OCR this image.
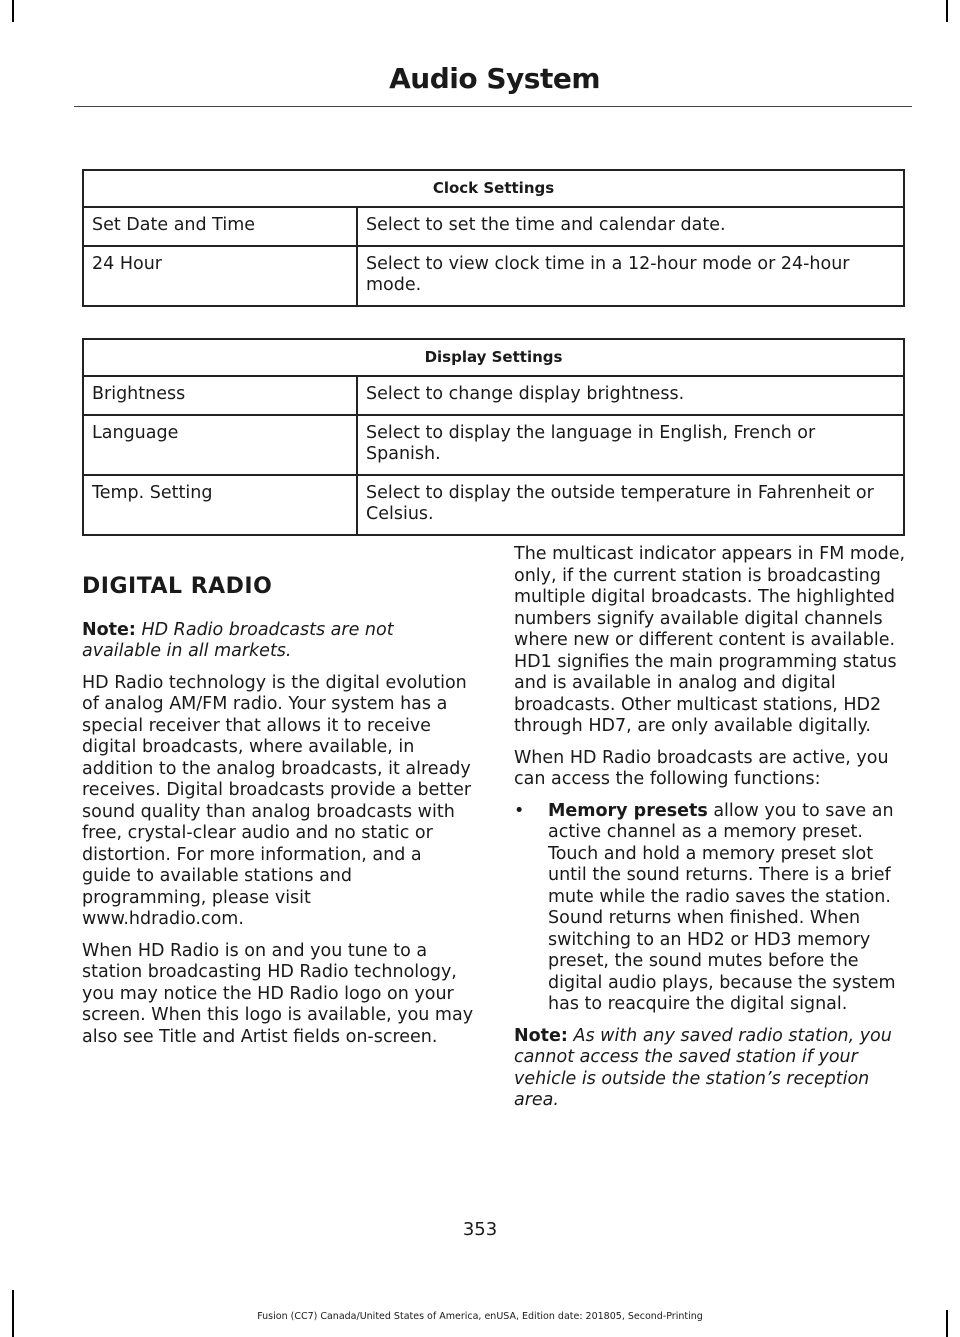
Audio System
Clock Settings	
Set Date and Time	Select to set the time and calendar date.
24 Hour	Select to view clock time in a 12-hour mode or 24-hour mode.
Display Settings	
Brightness	Select to change display brightness.
Language	Select to display the language in English, French or Spanish.
Temp. Setting	Select to display the outside temperature in Fahrenheit or Celsius.
DIGITAL RADIO

Note: HD Radio broadcasts are not available in all markets.

HD Radio technology is the digital evolution of analog AM/FM radio. Your system has a special receiver that allows it to receive digital broadcasts, where available, in addition to the analog broadcasts, it already receives. Digital broadcasts provide a better sound quality than analog broadcasts with free, crystal-clear audio and no static or distortion. For more information, and a guide to available stations and programming, please visit www.hdradio.com.

When HD Radio is on and you tune to a station broadcasting HD Radio technology, you may notice the HD Radio logo on your screen. When this logo is available, you may also see Title and Artist fields on-screen.

The multicast indicator appears in FM mode, only, if the current station is broadcasting multiple digital broadcasts. The highlighted numbers signify available digital channels where new or different content is available. HD1 signifies the main programming status and is available in analog and digital broadcasts. Other multicast stations, HD2 through HD7, are only available digitally.

When HD Radio broadcasts are active, you can access the following functions:

•	Memory presets allow you to save an active channel as a memory preset. Touch and hold a memory preset slot until the sound returns. There is a brief mute while the radio saves the station. Sound returns when finished. When switching to an HD2 or HD3 memory preset, the sound mutes before the digital audio plays, because the system has to reacquire the digital signal.

Note: As with any saved radio station, you cannot access the saved station if your vehicle is outside the station’s reception area.

353
Fusion (CC7) Canada/United States of America, enUSA, Edition date: 201805, Second-Printing
